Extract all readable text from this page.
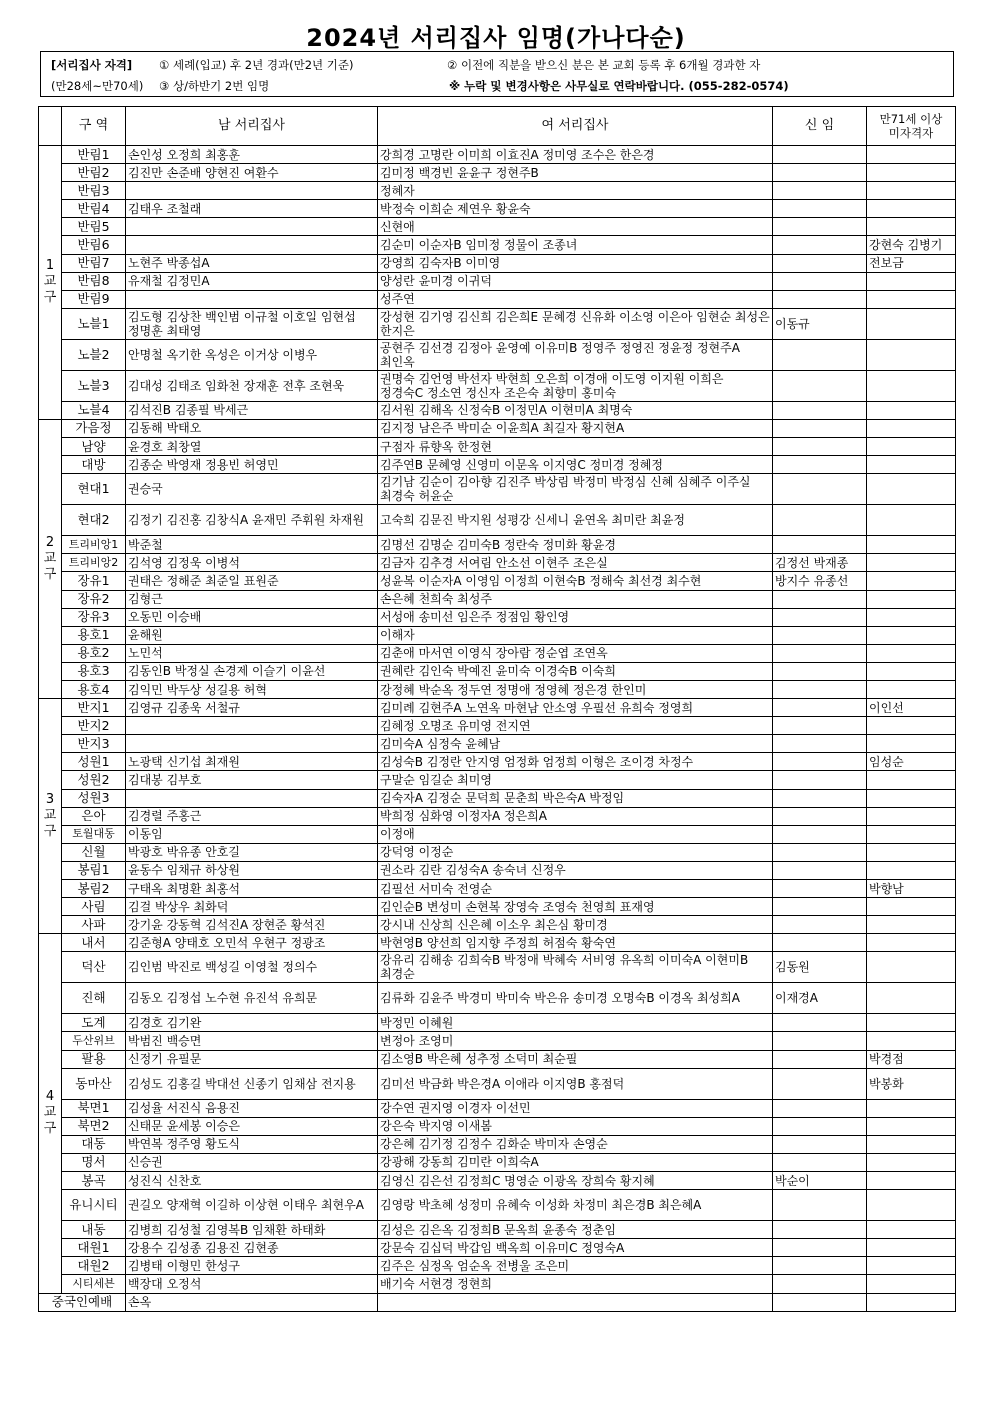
2024년 서리집사 임명(가나다순)
[서리집사 자격] ① 세례(입교) 후 2년 경과(만2년 기준)	② 이전에 직분을 받으신 분은 본 교회 등록 후 6개월 경과한 자
(만28세~만70세) ③ 상/하반기 2번 임명	※ 누락 및 변경사항은 사무실로 연락바랍니다. (055-282-0574)
	구 역	남 서리집사	여 서리집사	신 임	만71세 이상
미자격자
1
교
구	반림1	손인성 오정희 최홍훈	강희경 고명란 이미희 이효진A 정미영 조수은 한은경		
	반림2	김진만 손준배 양현진 여환수	김미정 백경빈 윤윤구 정현주B		
	반림3		정혜자		
	반림4	김태우 조철래	박정숙 이희순 제연우 황윤숙		
	반림5		신현애		
	반림6		김순미 이순자B 임미정 정물이 조종녀		강현숙 김병기
	반림7	노현주 박종섭A	강영희 김숙자B 이미영		전보금
	반림8	유재철 김정민A	양성란 윤미경 이귀덕		
	반림9		성주연		
	노블1	김도형 김상찬 백인범 이규철 이호일 임현섭 정명훈 최태영	강성현 김기영 김신희 김은희E 문혜경 신유화 이소영 이은아 임현순 최성은 한지은	이동규	
	노블2	안명철 옥기한 옥성은 이거상 이병우	공현주 김선경 김정아 윤영예 이유미B 정영주 정영진 정윤정 정현주A 최인옥		
	노블3	김대성 김태조 임화천 장재훈 전후 조현욱	권명숙 김언영 박선자 박현희 오은희 이경애 이도영 이지원 이희은 정경숙C 정소연 정신자 조은숙 최향미 홍미숙		
	노블4	김석진B 김종필 박세근	김서원 김해옥 신정숙B 이정민A 이현미A 최명숙		
2
교
구	가음정	김동해 박태오	김지정 남은주 박미순 이윤희A 최길자 황지현A		
	남양	윤경호 최창열	구점자 류향옥 한정현		
	대방	김종순 박영재 정용빈 허영민	김주연B 문혜영 신영미 이문옥 이지영C 정미경 정혜정		
	현대1	권승국	김기남 김순이 김아향 김진주 박상림 박정미 박정심 신혜 심혜주 이주실 최경숙 허윤순		
	현대2	김정기 김진홍 김창식A 윤재민 주휘원 차재원	고숙희 김문진 박지원 성평강 신세니 윤연옥 최미란 최윤정		
	트리비앙1	박준철	김명선 김명순 김미숙B 정란숙 정미화 황윤경		
	트리비앙2	김석영 김정욱 이병석	김금자 김추경 서여림 안소선 이현주 조은실	김정선 박재종	
	장유1	권태은 정해준 최준일 표원준	성윤복 이순자A 이영임 이정희 이현숙B 정해숙 최선경 최수현	방지수 유종선	
	장유2	김형근	손은혜 천희숙 최성주		
	장유3	오동민 이승배	서성애 송미선 임은주 정점임 황인영		
	용호1	윤해원	이해자		
	용호2	노민석	김춘애 마서연 이영식 장아람 정순엽 조연옥		
	용호3	김동인B 박정실 손경제 이슬기 이윤선	권혜란 김인숙 박예진 윤미숙 이경숙B 이숙희		
	용호4	김익민 박두상 성길용 허혁	강정혜 박순옥 정두연 정명애 정영혜 정은경 한인미		
3
교
구	반지1	김영규 김종욱 서철규	김미례 김현주A 노연옥 마현남 안소영 우필선 유희숙 정영희		이인선
	반지2		김혜정 오명조 유미영 전지연		
	반지3		김미숙A 심정숙 윤혜남		
	성원1	노광택 신기섭 최재원	김성숙B 김정란 안지영 엄정화 엄정희 이형은 조이경 차정수		임성순
	성원2	김대봉 김부호	구말순 임길순 최미영		
	성원3		김숙자A 김정순 문덕희 문춘희 박은숙A 박정임		
	은아	김경렬 주홍근	박희정 심화영 이정자A 정은희A		
	토월대동	이동임	이정애		
	신월	박광호 박유종 안호길	강덕영 이정순		
	봉림1	윤동수 임채규 하상원	권소라 김란 김성숙A 송숙녀 신정우		
	봉림2	구태옥 최명환 최홍석	김필선 서미숙 전영순		박향남
	사림	김걸 박상우 최화덕	김인순B 변성미 손현복 장영숙 조영숙 천영희 표재영		
	사파	강기윤 강동혁 김석진A 장현준 황석진	강시내 신상희 신은혜 이소우 최은심 황미경		
4
교
구	내서	김준형A 양태호 오민석 우현구 정광조	박현영B 양선희 임지향 주정희 허점숙 황숙연		
	덕산	김인범 박진로 백성길 이영철 정의수	강유리 김해송 김희숙B 박정애 박혜숙 서비영 유옥희 이미숙A 이현미B 최경순	김동원	
	진해	김동오 김정섭 노수현 유진석 유희문	김류화 김윤주 박경미 박미숙 박은유 송미경 오명숙B 이경옥 최성희A	이재경A	
	도계	김경호 김기완	박정민 이혜원		
	두산위브	박범진 백승면	변정아 조영미		
	팔용	신정기 유필문	김소영B 박은혜 성추정 소덕미 최순필		박경점
	동마산	김성도 김홍길 박대선 신종기 임채삼 전지용	김미선 박금화 박은경A 이애라 이지영B 홍점덕		박봉화
	북면1	김성율 서진식 음용진	강수연 권지영 이경자 이선민		
	북면2	신태문 윤세봉 이승은	강은숙 박지영 이새봄		
	대동	박연복 정주영 황도식	강은혜 김기정 김정수 김화순 박미자 손영순		
	명서	신승권	강광해 강동희 김미란 이희숙A		
	봉곡	성진식 신찬호	김영신 김은선 김정희C 명영순 이광옥 장희숙 황지혜	박순이	
	유니시티	권길오 양재혁 이길하 이상현 이태우 최현우A	김영랑 박초혜 성정미 유혜숙 이성화 차정미 최은경B 최은혜A		
	내동	김병희 김성철 김영복B 임채환 하태화	김성은 김은옥 김정희B 문옥희 윤종숙 정춘임		
	대원1	강용수 김성종 김용진 김현종	강문숙 김십덕 박갑임 백옥희 이유미C 정영숙A		
	대원2	김병태 이형민 한성구	김주은 심정옥 엄순옥 전병울 조은미		
	시티세븐	백장대 오정석	배기숙 서현경 정현희		
중국인예배		손옥			
